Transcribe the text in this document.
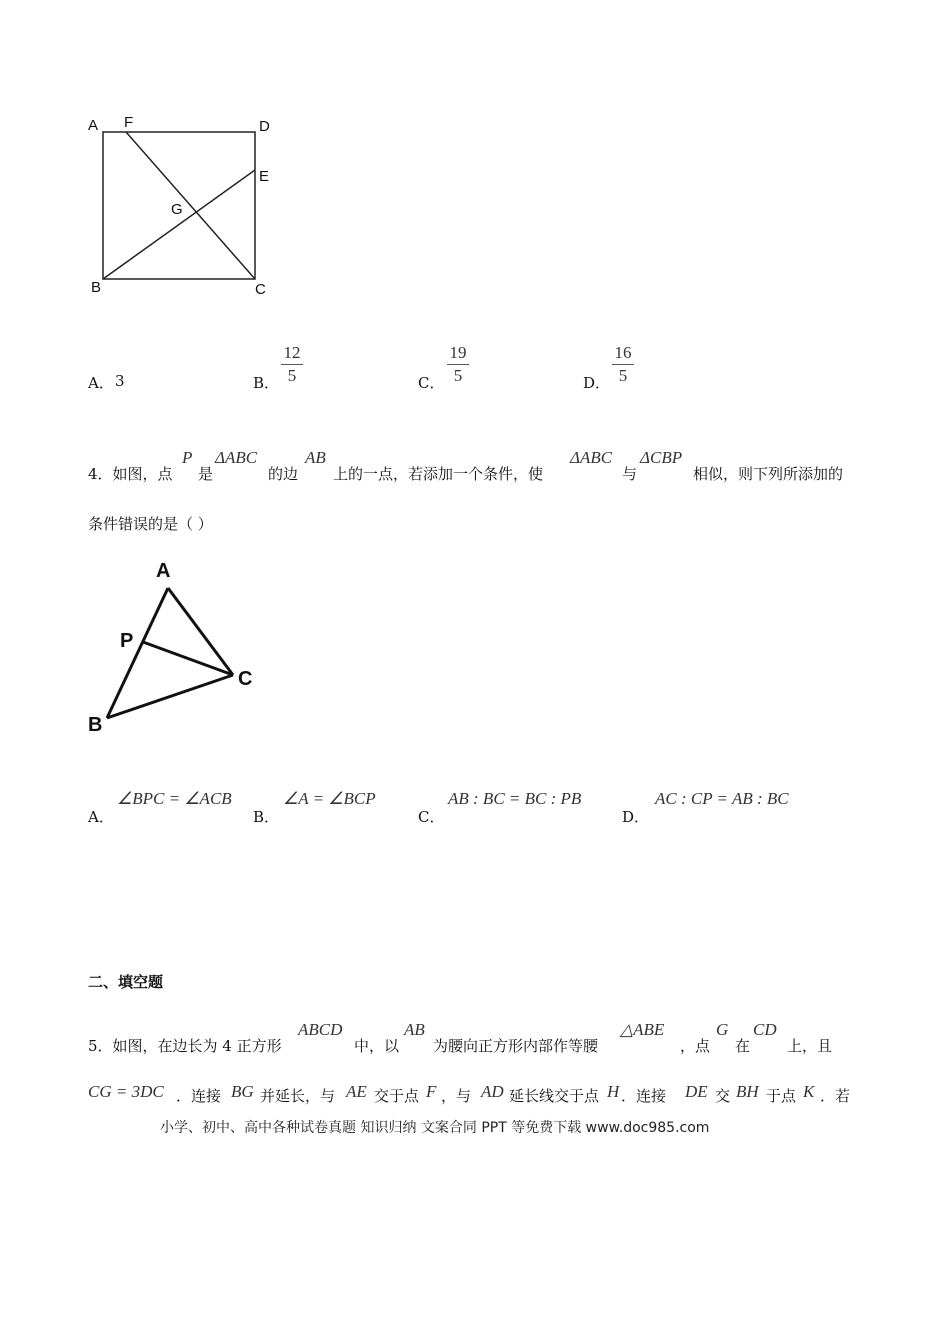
A F	D
E
G
B	C
A． 3	B．
12
5	C．
19
5	D．
16
5
4．如图，点
P
是
ΔABC
的边
AB
上的一点，若添加一个条件，使
ΔABC
与
ΔCBP
相似，则下列所添加的
条件错误的是（ ）
A
P
C
B
A．
∠BPC = ∠ACB
B．
∠A = ∠BCP
C．
AB : BC = BC : PB
D．
AC : CP = AB : BC
二、填空题
5．如图，在边长为 4 正方形
ABCD
中，以
AB
为腰向正方形内部作等腰
△ABE
，点
G
在
CD
上，且
CG = 3DC ．连接 BG 并延长，与 AE 交于点 F ，与 AD 延长线交于点 H ．连接 DE 交 BH 于点 K ．若
小学、初中、高中各种试卷真题 知识归纳 文案合同 PPT 等免费下载 www.doc985.com
